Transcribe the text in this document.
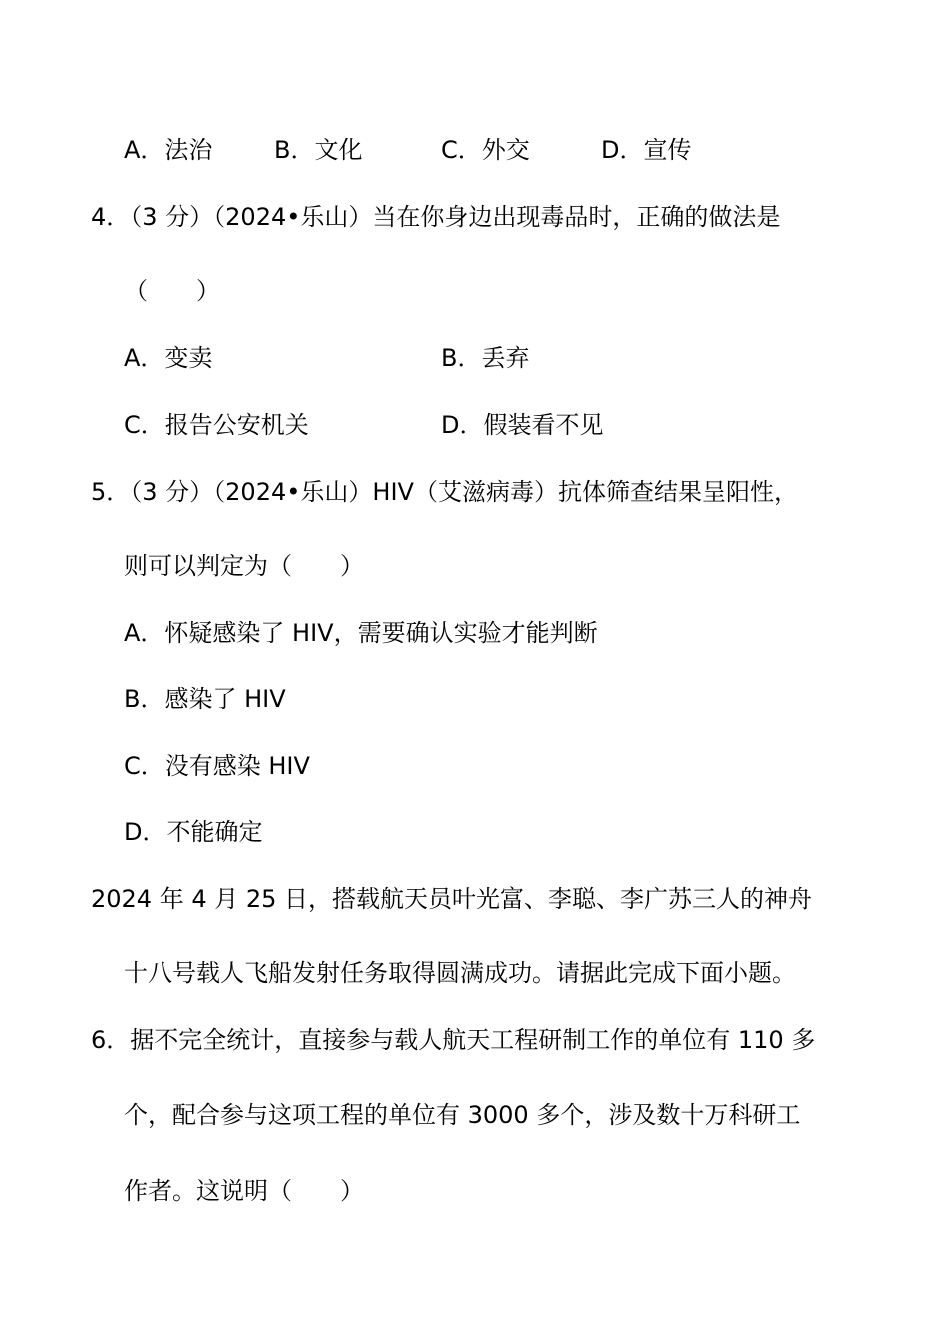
A．法治	B．文化	C．外交	D．宣传
4．（3 分）（2024•乐山）当在你身边出现毒品时，正确的做法是
（　　）
A．变卖	B．丢弃
C．报告公安机关	D．假装看不见
5．（3 分）（2024•乐山）HIV（艾滋病毒）抗体筛查结果呈阳性，
则可以判定为（　　）
A．怀疑感染了 HIV，需要确认实验才能判断
B．感染了 HIV
C．没有感染 HIV
D．不能确定
2024 年 4 月 25 日，搭载航天员叶光富、李聪、李广苏三人的神舟
十八号载人飞船发射任务取得圆满成功。请据此完成下面小题。
6．据不完全统计，直接参与载人航天工程研制工作的单位有 110 多
个，配合参与这项工程的单位有 3000 多个，涉及数十万科研工
作者。这说明（　　）
